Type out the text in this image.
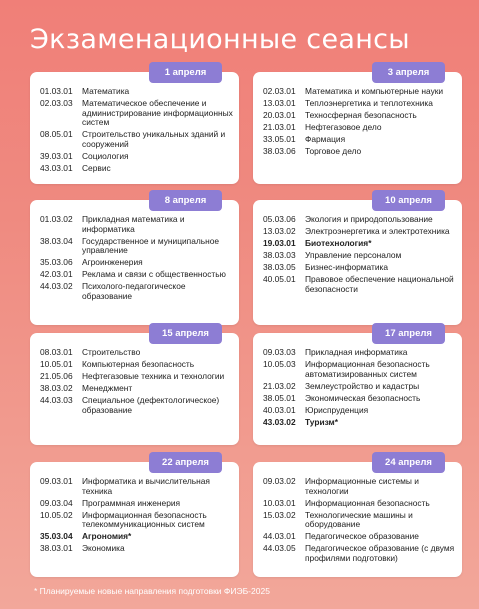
Экзаменационные сеансы
1 апреля
01.03.01	Математика
02.03.03	Математическое обеспечение и администрирование информационных систем
08.05.01	Строительство уникальных зданий и сооружений
39.03.01	Социология
43.03.01	Сервис
3 апреля
02.03.01	Математика и компьютерные науки
13.03.01	Теплоэнергетика и теплотехника
20.03.01	Техносферная безопасность
21.03.01	Нефтегазовое дело
33.05.01	Фармация
38.03.06	Торговое дело
8 апреля
01.03.02	Прикладная математика и информатика
38.03.04	Государственное и муниципальное управление
35.03.06	Агроинженерия
42.03.01	Реклама и связи с общественностью
44.03.02	Психолого-педагогическое образование
10 апреля
05.03.06	Экология и природопользование
13.03.02	Электроэнергетика и электротехника
19.03.01	Биотехнология*
38.03.03	Управление персоналом
38.03.05	Бизнес-информатика
40.05.01	Правовое обеспечение национальной безопасности
15 апреля
08.03.01	Строительство
10.05.01	Компьютерная безопасность
21.05.06	Нефтегазовые техника и технологии
38.03.02	Менеджмент
44.03.03	Специальное (дефектологическое) образование
17 апреля
09.03.03	Прикладная информатика
10.05.03	Информационная безопасность автоматизированных систем
21.03.02	Землеустройство и кадастры
38.05.01	Экономическая безопасность
40.03.01	Юриспруденция
43.03.02	Туризм*
22 апреля
09.03.01	Информатика и вычислительная техника
09.03.04	Программная инженерия
10.05.02	Информационная безопасность телекоммуникационных систем
35.03.04	Агрономия*
38.03.01	Экономика
24 апреля
09.03.02	Информационные системы и технологии
10.03.01	Информационная безопасность
15.03.02	Технологические машины и оборудование
44.03.01	Педагогическое образование
44.03.05	Педагогическое образование (с двумя профилями подготовки)
* Планируемые новые направления подготовки ФИЭБ-2025
